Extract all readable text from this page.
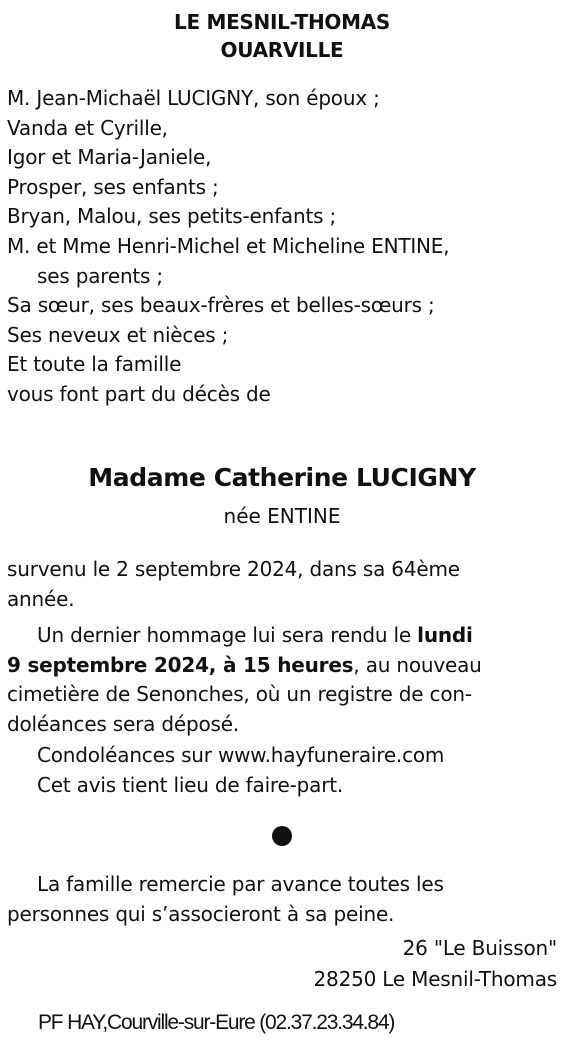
LE MESNIL-THOMAS
OUARVILLE
M. Jean-Michaël LUCIGNY, son époux ;
Vanda et Cyrille,
Igor et Maria-Janiele,
Prosper, ses enfants ;
Bryan, Malou, ses petits-enfants ;
M. et Mme Henri-Michel et Micheline ENTINE,
ses parents ;
Sa sœur, ses beaux-frères et belles-sœurs ;
Ses neveux et nièces ;
Et toute la famille
vous font part du décès de
Madame Catherine LUCIGNY
née ENTINE
survenu le 2 septembre 2024, dans sa 64ème
année.
Un dernier hommage lui sera rendu le lundi
9 septembre 2024, à 15 heures, au nouveau
cimetière de Senonches, où un registre de con-
doléances sera déposé.
Condoléances sur www.hayfuneraire.com
Cet avis tient lieu de faire-part.
La famille remercie par avance toutes les
personnes qui s’associeront à sa peine.
26 "Le Buisson"
28250 Le Mesnil-Thomas
PF HAY,Courville-sur-Eure (02.37.23.34.84)
